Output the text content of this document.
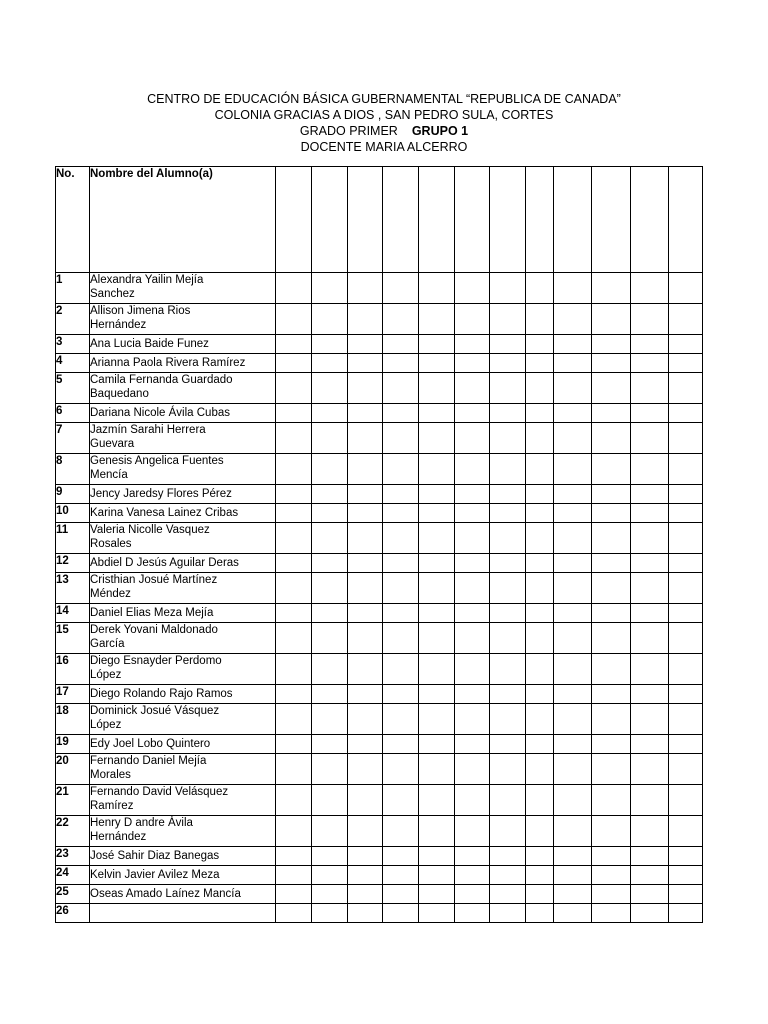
CENTRO DE EDUCACIÓN BÁSICA GUBERNAMENTAL “REPUBLICA DE CANADA”
COLONIA GRACIAS A DIOS , SAN PEDRO SULA, CORTES
GRADO PRIMER GRUPO 1
DOCENTE MARIA ALCERRO
No.	Nombre del Alumno(a)												
1	Alexandra Yailin Mejía
Sanchez												

2	Allison Jimena Rios
Hernández												

3	Ana Lucia Baide Funez												

4	Arianna Paola Rivera Ramírez												

5	Camila Fernanda Guardado
Baquedano												

6	Dariana Nicole Ávila Cubas												

7	Jazmín Sarahi Herrera
Guevara												

8	Genesis Angelica Fuentes
Mencía												

9	Jency Jaredsy Flores Pérez												

10	Karina Vanesa Lainez Cribas												

11	Valeria Nicolle Vasquez
Rosales												

12	Abdiel D Jesús Aguilar Deras												

13	Cristhian Josué Martínez
Méndez												

14	Daniel Elias Meza Mejía												

15	Derek Yovani Maldonado
García												

16	Diego Esnayder Perdomo
López												

17	Diego Rolando Rajo Ramos												

18	Dominick Josué Vásquez
López												

19	Edy Joel Lobo Quintero												

20	Fernando Daniel Mejía
Morales												

21	Fernando David Velásquez
Ramírez												

22	Henry D andre Ávila
Hernández												

23	José Sahir Diaz Banegas												

24	Kelvin Javier Avilez Meza												

25	Oseas Amado Laínez Mancía												

26													
